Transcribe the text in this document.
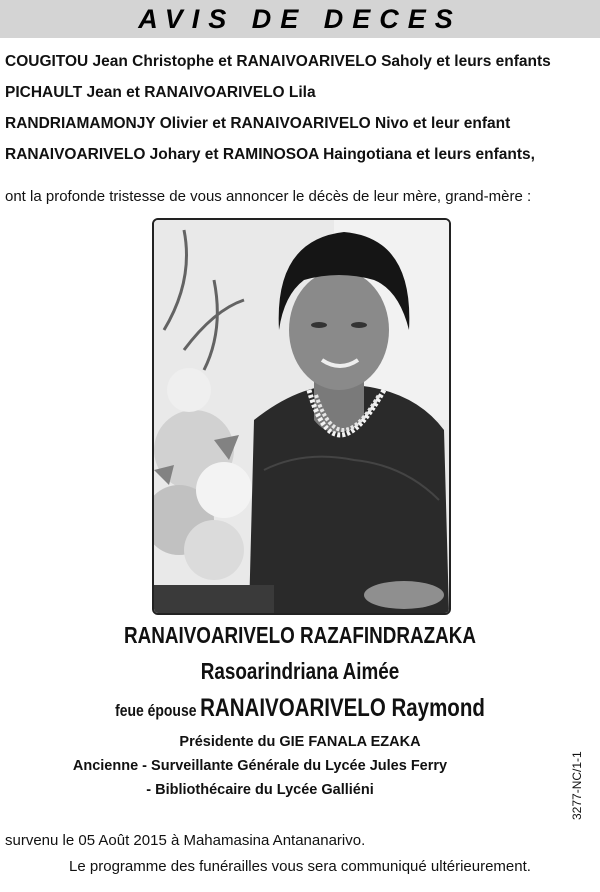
AVIS DE DECES
COUGITOU Jean Christophe et RANAIVOARIVELO Saholy et leurs enfants
PICHAULT Jean et RANAIVOARIVELO Lila
RANDRIAMAMONJY Olivier et RANAIVOARIVELO Nivo et leur enfant
RANAIVOARIVELO Johary et RAMINOSOA Haingotiana et leurs enfants,
ont la profonde tristesse de vous annoncer le décès de leur mère, grand-mère :
RANAIVOARIVELO RAZAFINDRAZAKA
Rasoarindriana Aimée
feue épouse RANAIVOARIVELO Raymond
Présidente du GIE FANALA EZAKA
Ancienne - Surveillante Générale du Lycée Jules Ferry
- Bibliothécaire du Lycée Galliéni
survenu le 05 Août 2015 à Mahamasina Antananarivo.
Le programme des funérailles vous sera communiqué ultérieurement.
3277-NC/1-1
